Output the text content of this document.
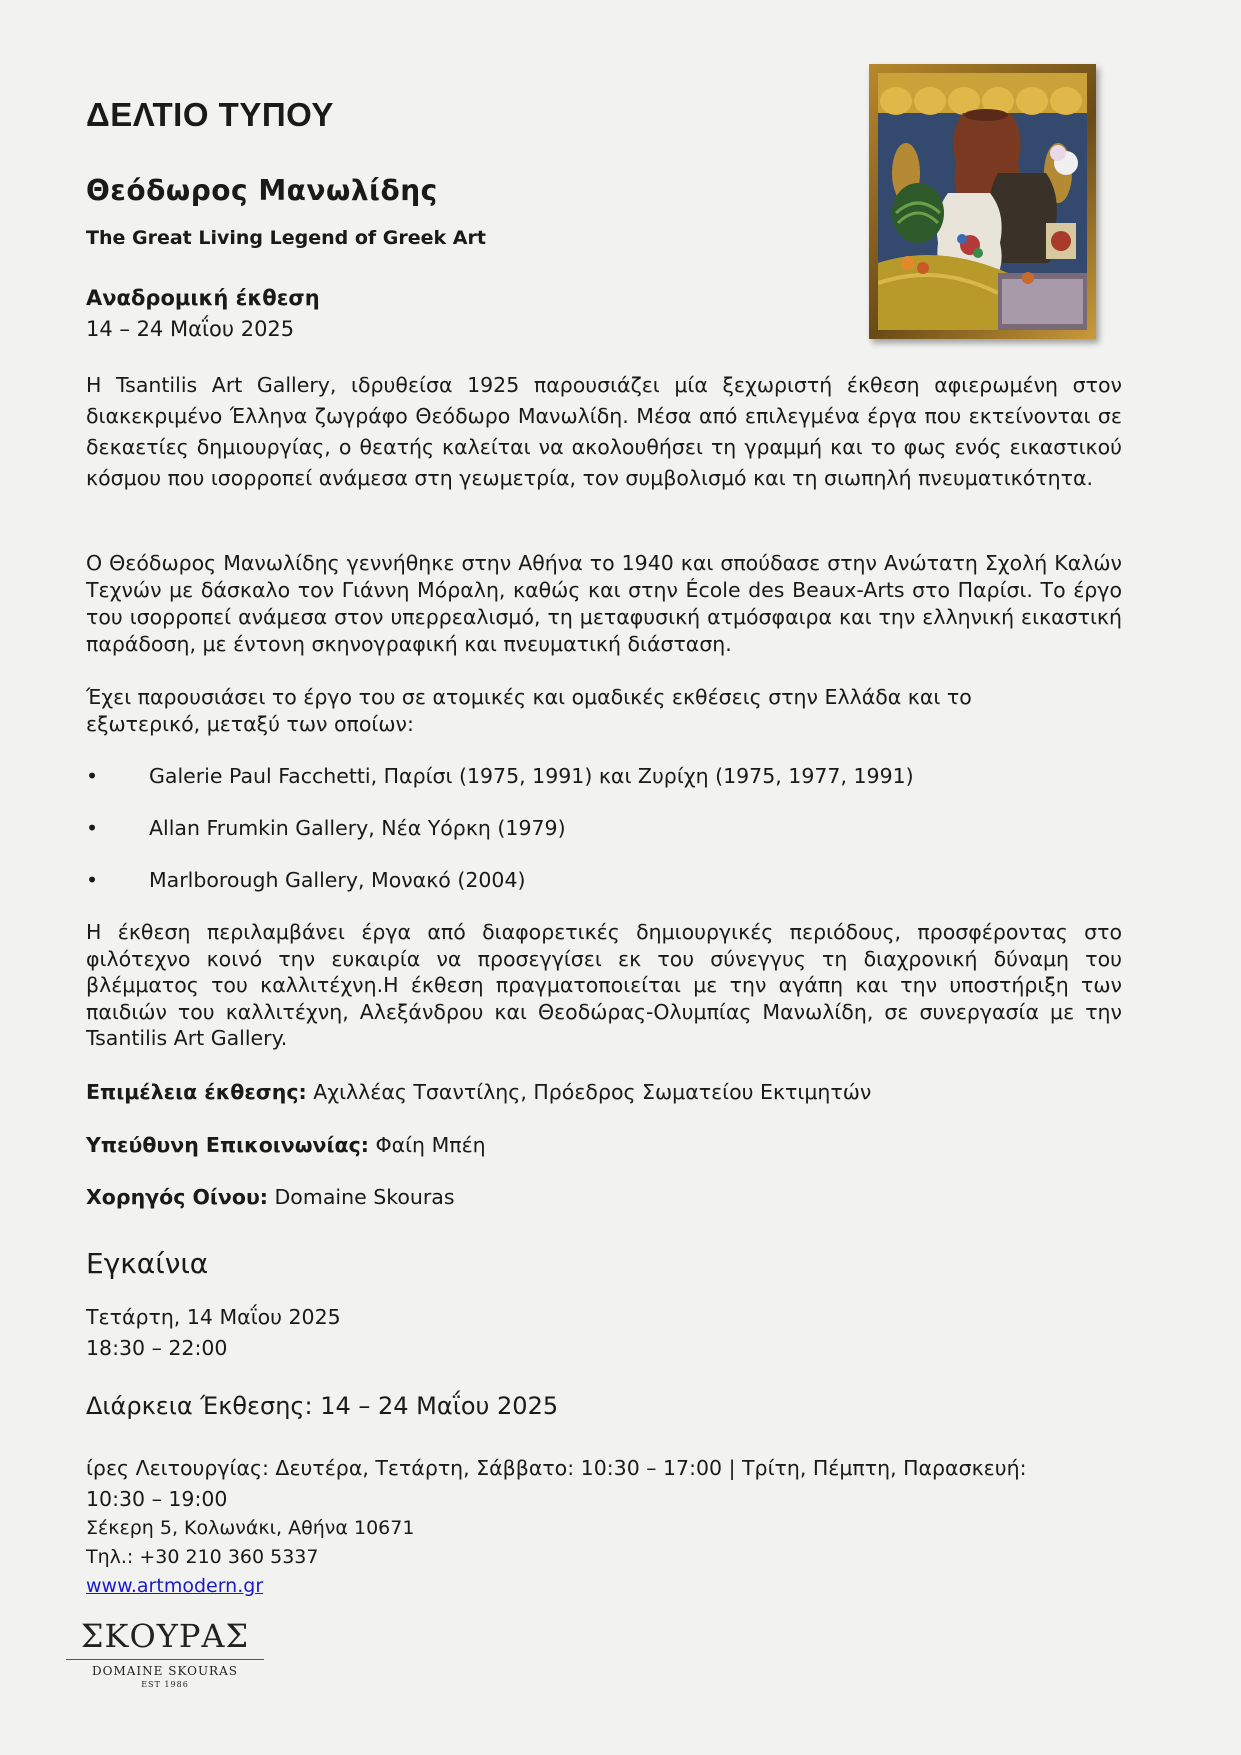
ΔΕΛΤΙΟ ΤΥΠΟΥ
Θεόδωρος Μανωλίδης
The Great Living Legend of Greek Art
Αναδρομική έκθεση
14 – 24 Μαΐου 2025

Η Tsantilis Art Gallery, ιδρυθείσα 1925 παρουσιάζει μία ξεχωριστή έκθεση αφιερωμένη στον διακεκριμένο Έλληνα ζωγράφο Θεόδωρο Μανωλίδη. Μέσα από επιλεγμένα έργα που εκτείνονται σε δεκαετίες δημιουργίας, ο θεατής καλείται να ακολουθήσει τη γραμμή και το φως ενός εικαστικού κόσμου που ισορροπεί ανάμεσα στη γεωμετρία, τον συμβολισμό και τη σιωπηλή πνευματικότητα.

Ο Θεόδωρος Μανωλίδης γεννήθηκε στην Αθήνα το 1940 και σπούδασε στην Ανώτατη Σχολή Καλών Τεχνών με δάσκαλο τον Γιάννη Μόραλη, καθώς και στην École des Beaux-Arts στο Παρίσι. Το έργο του ισορροπεί ανάμεσα στον υπερρεαλισμό, τη μεταφυσική ατμόσφαιρα και την ελληνική εικαστική παράδοση, με έντονη σκηνογραφική και πνευματική διάσταση.

Έχει παρουσιάσει το έργο του σε ατομικές και ομαδικές εκθέσεις στην Ελλάδα και το εξωτερικό, μεταξύ των οποίων:

• Galerie Paul Facchetti, Παρίσι (1975, 1991) και Ζυρίχη (1975, 1977, 1991)
• Allan Frumkin Gallery, Νέα Υόρκη (1979)
• Marlborough Gallery, Μονακό (2004)

Η έκθεση περιλαμβάνει έργα από διαφορετικές δημιουργικές περιόδους, προσφέροντας στο φιλότεχνο κοινό την ευκαιρία να προσεγγίσει εκ του σύνεγγυς τη διαχρονική δύναμη του βλέμματος του καλλιτέχνη.Η έκθεση πραγματοποιείται με την αγάπη και την υποστήριξη των παιδιών του καλλιτέχνη, Αλεξάνδρου και Θεοδώρας-Ολυμπίας Μανωλίδη, σε συνεργασία με την Tsantilis Art Gallery.

Επιμέλεια έκθεσης: Αχιλλέας Τσαντίλης, Πρόεδρος Σωματείου Εκτιμητών
Υπεύθυνη Επικοινωνίας: Φαίη Μπέη
Χορηγός Οίνου: Domaine Skouras
Εγκαίνια
Τετάρτη, 14 Μαΐου 2025
18:30 – 22:00
Διάρκεια Έκθεσης: 14 – 24 Μαΐου 2025
ίρες Λειτουργίας: Δευτέρα, Τετάρτη, Σάββατο: 10:30 – 17:00 | Τρίτη, Πέμπτη, Παρασκευή: 10:30 – 19:00
Σέκερη 5, Κολωνάκι, Αθήνα 10671
Τηλ.: +30 210 360 5337
www.artmodern.gr
ΣΚΟΥΡΑΣ
DOMAINE SKOURAS
EST 1986
